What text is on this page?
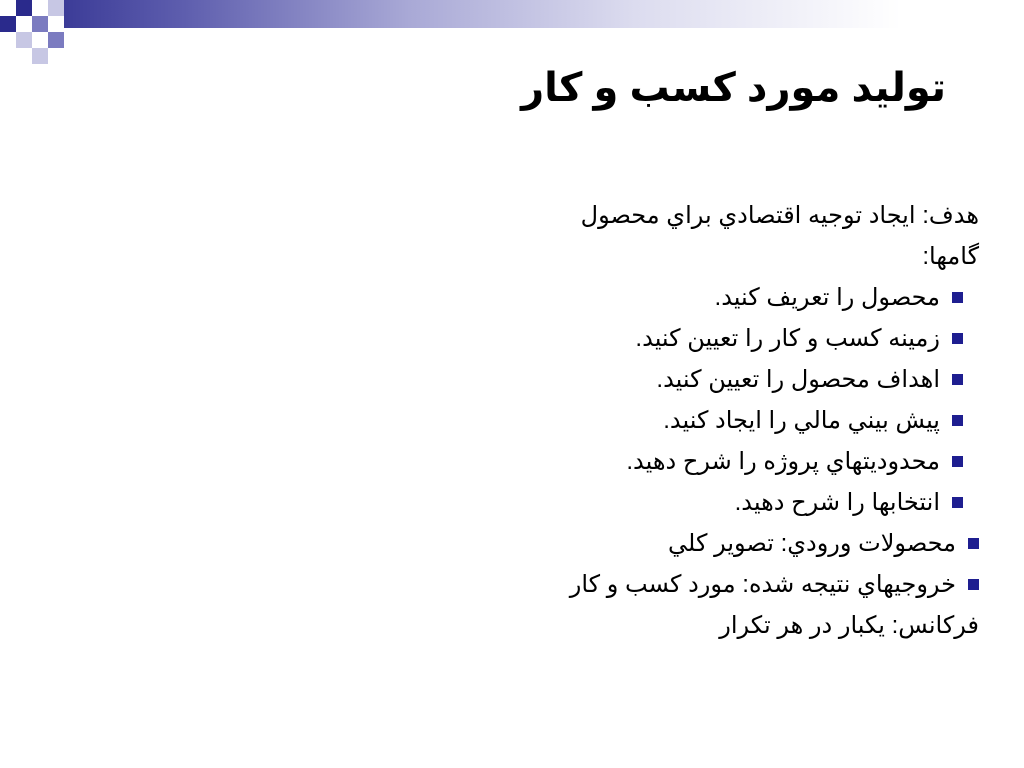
توليد مورد کسب و کار
هدف: ايجاد توجيه اقتصادي براي محصول
گامها:
محصول را تعريف کنيد.
زمينه کسب و کار را تعيين کنيد.
اهداف محصول را تعيين کنيد.
پيش بيني مالي را ايجاد کنيد.
محدوديتهاي پروژه را شرح دهيد.
انتخابها را شرح دهيد.
محصولات ورودي: تصوير کلي
خروجيهاي نتيجه شده: مورد کسب و کار
فرکانس: يکبار در هر تکرار
